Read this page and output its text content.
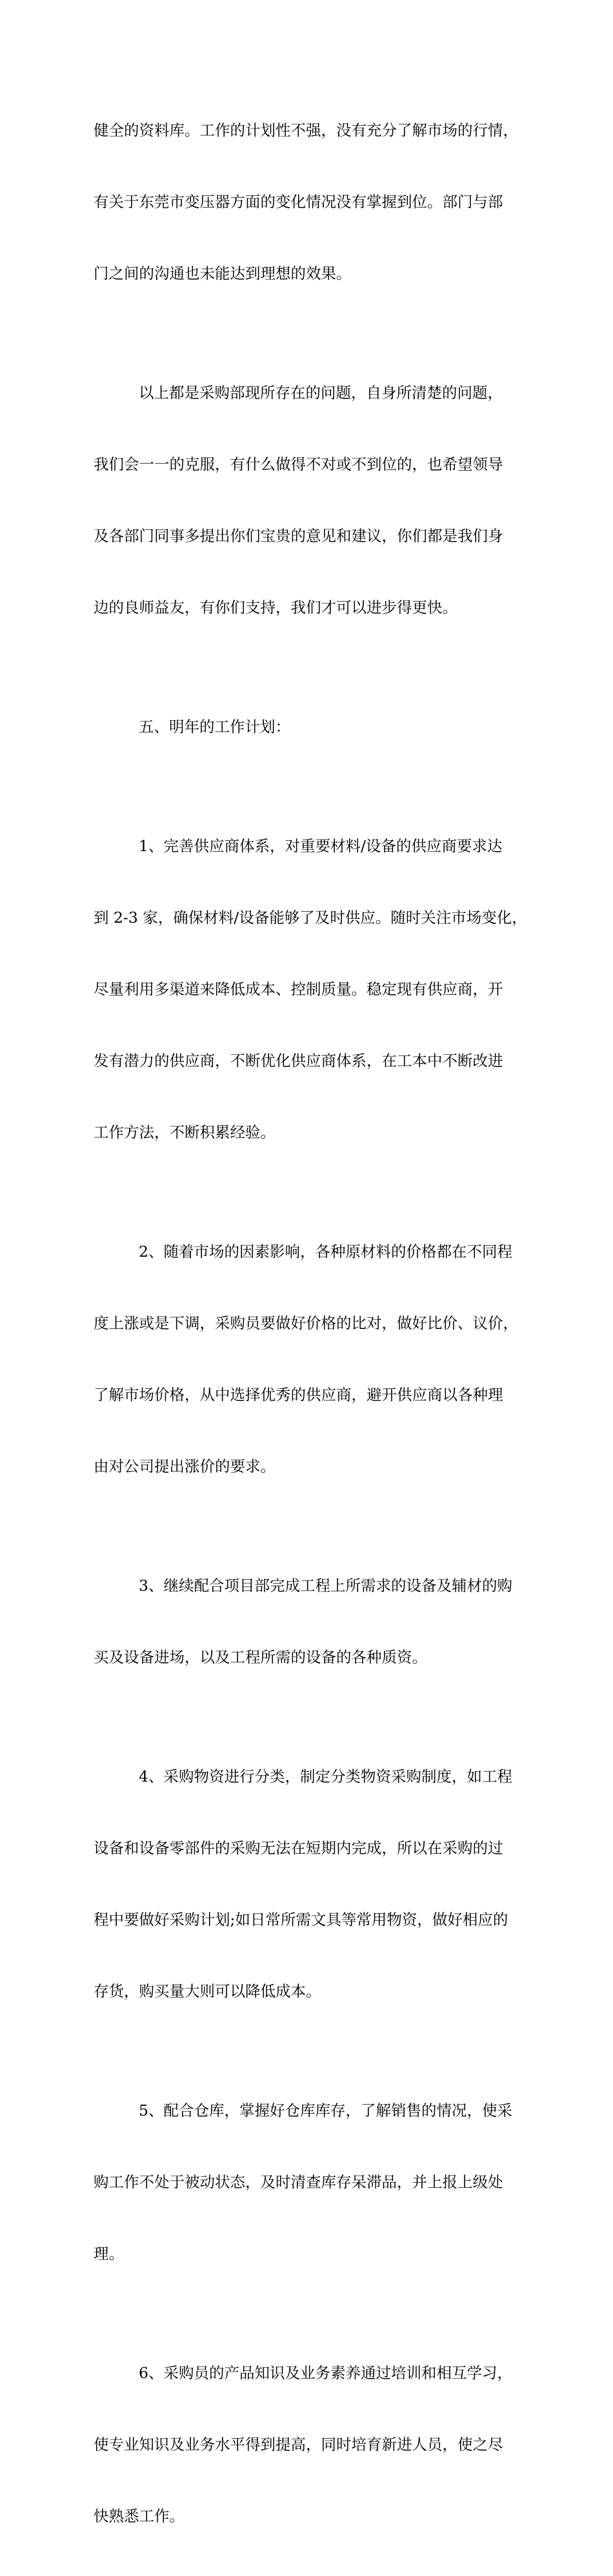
健全的资料库。工作的计划性不强，没有充分了解市场的行情，

有关于东莞市变压器方面的变化情况没有掌握到位。部门与部

门之间的沟通也未能达到理想的效果。

以上都是采购部现所存在的问题，自身所清楚的问题，

我们会一一的克服，有什么做得不对或不到位的，也希望领导

及各部门同事多提出你们宝贵的意见和建议，你们都是我们身

边的良师益友，有你们支持，我们才可以进步得更快。

五、明年的工作计划：

1、完善供应商体系，对重要材料/设备的供应商要求达

到 2-3 家，确保材料/设备能够了及时供应。随时关注市场变化，

尽量利用多渠道来降低成本、控制质量。稳定现有供应商，开

发有潜力的供应商，不断优化供应商体系，在工本中不断改进

工作方法，不断积累经验。

2、随着市场的因素影响，各种原材料的价格都在不同程

度上涨或是下调，采购员要做好价格的比对，做好比价、议价，

了解市场价格，从中选择优秀的供应商，避开供应商以各种理

由对公司提出涨价的要求。

3、继续配合项目部完成工程上所需求的设备及辅材的购

买及设备进场，以及工程所需的设备的各种质资。

4、采购物资进行分类，制定分类物资采购制度，如工程

设备和设备零部件的采购无法在短期内完成，所以在采购的过

程中要做好采购计划;如日常所需文具等常用物资，做好相应的

存货，购买量大则可以降低成本。

5、配合仓库，掌握好仓库库存，了解销售的情况，使采

购工作不处于被动状态，及时清查库存呆滞品，并上报上级处

理。

6、采购员的产品知识及业务素养通过培训和相互学习，

使专业知识及业务水平得到提高，同时培育新进人员，使之尽

快熟悉工作。
